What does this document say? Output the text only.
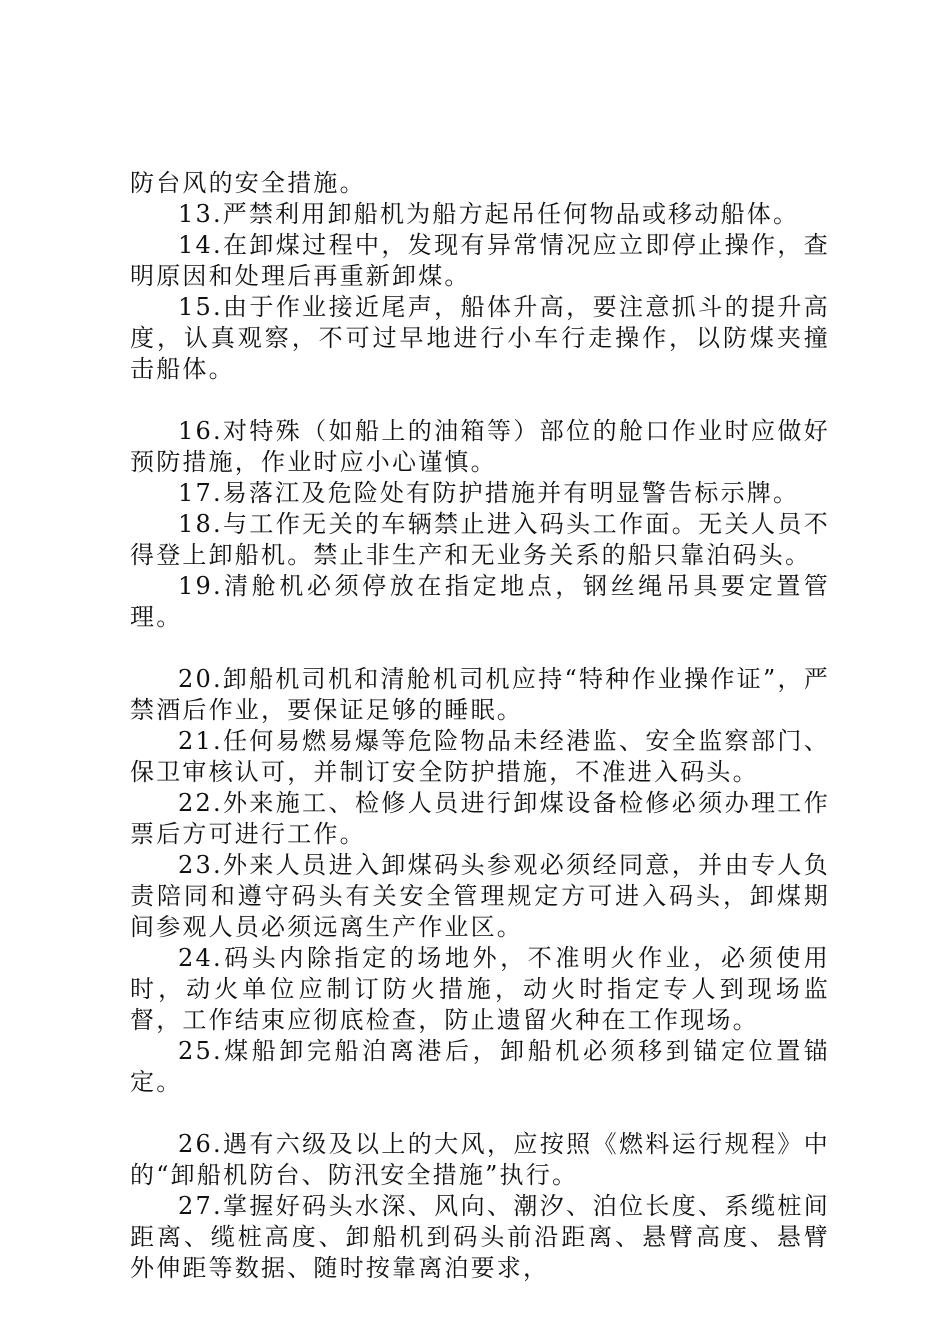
防台风的安全措施。

13.严禁利用卸船机为船方起吊任何物品或移动船体。

14.在卸煤过程中，发现有异常情况应立即停止操作，查明原因和处理后再重新卸煤。

15.由于作业接近尾声，船体升高，要注意抓斗的提升高度，认真观察，不可过早地进行小车行走操作，以防煤夹撞击船体。

16.对特殊（如船上的油箱等）部位的舱口作业时应做好预防措施，作业时应小心谨慎。

17.易落江及危险处有防护措施并有明显警告标示牌。

18.与工作无关的车辆禁止进入码头工作面。无关人员不得登上卸船机。禁止非生产和无业务关系的船只靠泊码头。

19.清舱机必须停放在指定地点，钢丝绳吊具要定置管理。

20.卸船机司机和清舱机司机应持“特种作业操作证”，严禁酒后作业，要保证足够的睡眠。

21.任何易燃易爆等危险物品未经港监、安全监察部门、保卫审核认可，并制订安全防护措施，不准进入码头。

22.外来施工、检修人员进行卸煤设备检修必须办理工作票后方可进行工作。

23.外来人员进入卸煤码头参观必须经同意，并由专人负责陪同和遵守码头有关安全管理规定方可进入码头，卸煤期间参观人员必须远离生产作业区。

24.码头内除指定的场地外，不准明火作业，必须使用时，动火单位应制订防火措施，动火时指定专人到现场监督，工作结束应彻底检查，防止遗留火种在工作现场。

25.煤船卸完船泊离港后，卸船机必须移到锚定位置锚定。

26.遇有六级及以上的大风，应按照《燃料运行规程》中的“卸船机防台、防汛安全措施”执行。

27.掌握好码头水深、风向、潮汐、泊位长度、系缆桩间距离、缆桩高度、卸船机到码头前沿距离、悬臂高度、悬臂外伸距等数据、随时按靠离泊要求，
